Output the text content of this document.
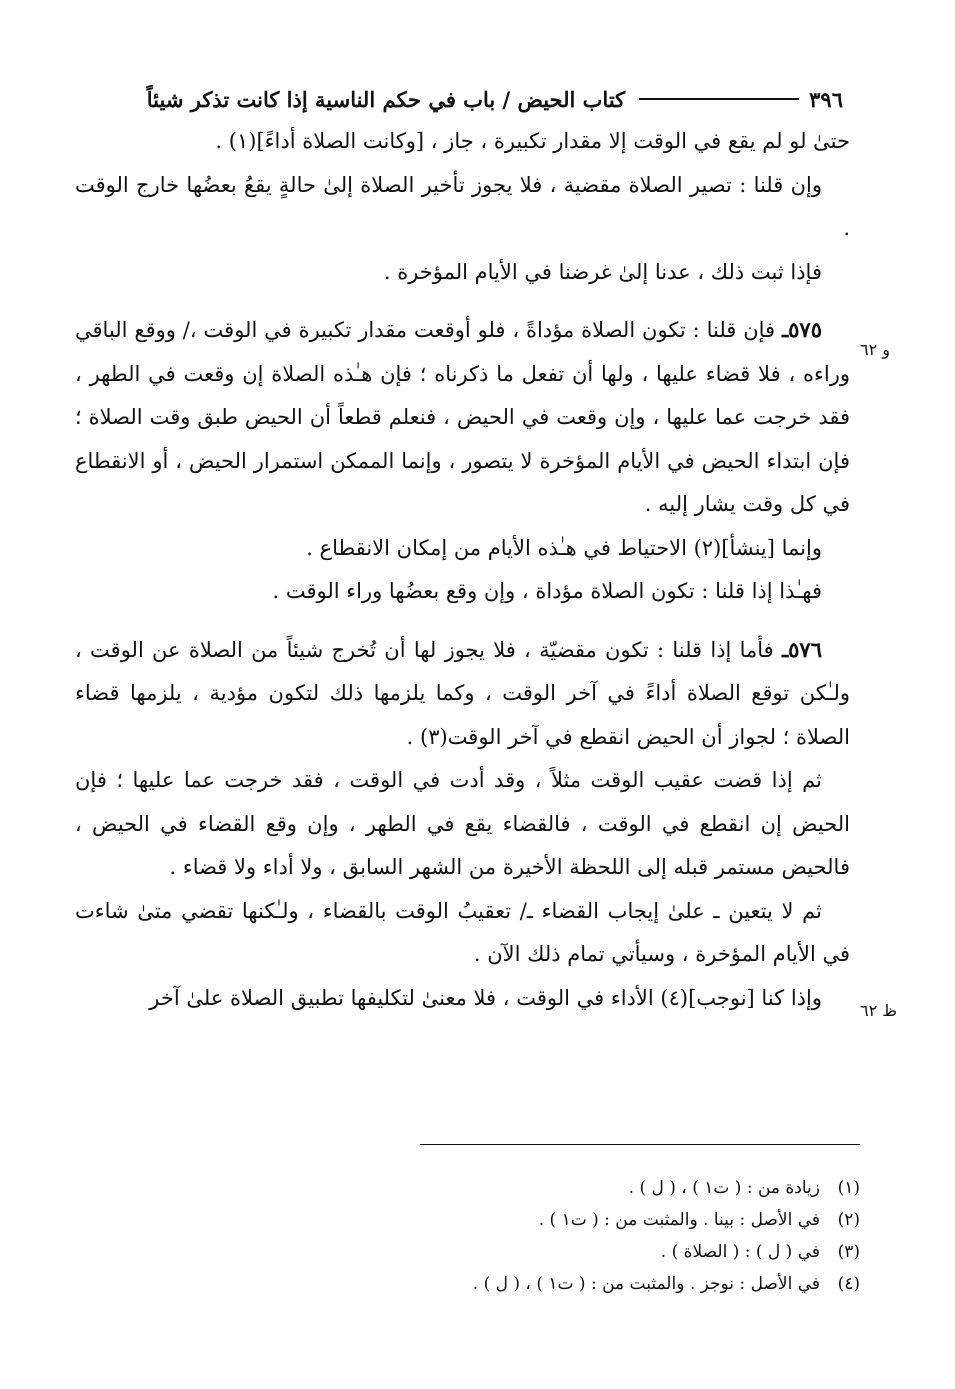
٣٩٦
كتاب الحيض / باب في حكم الناسية إذا كانت تذكر شيئاً
و ٦٢
ظ ٦٢

حتىٰ لو لم يقع في الوقت إلا مقدار تكبيرة ، جاز ، [وكانت الصلاة أداءً](١) .

وإن قلنا : تصير الصلاة مقضية ، فلا يجوز تأخير الصلاة إلىٰ حالةٍ يقعُ بعضُها خارج الوقت .

فإذا ثبت ذلك ، عدنا إلىٰ غرضنا في الأيام المؤخرة .

٥٧٥ـ فإن قلنا : تكون الصلاة مؤداةً ، فلو أوقعت مقدار تكبيرة في الوقت ،/ ووقع الباقي وراءه ، فلا قضاء عليها ، ولها أن تفعل ما ذكرناه ؛ فإن هـٰذه الصلاة إن وقعت في الطهر ، فقد خرجت عما عليها ، وإن وقعت في الحيض ، فنعلم قطعاً أن الحيض طبق وقت الصلاة ؛ فإن ابتداء الحيض في الأيام المؤخرة لا يتصور ، وإنما الممكن استمرار الحيض ، أو الانقطاع في كل وقت يشار إليه .

وإنما [ينشأ](٢) الاحتياط في هـٰذه الأيام من إمكان الانقطاع .

فهـٰذا إذا قلنا : تكون الصلاة مؤداة ، وإن وقع بعضُها وراء الوقت .

٥٧٦ـ فأما إذا قلنا : تكون مقضيّة ، فلا يجوز لها أن تُخرج شيئاً من الصلاة عن الوقت ، ولـٰكن توقع الصلاة أداءً في آخر الوقت ، وكما يلزمها ذلك لتكون مؤدية ، يلزمها قضاء الصلاة ؛ لجواز أن الحيض انقطع في آخر الوقت(٣) .

ثم إذا قضت عقيب الوقت مثلاً ، وقد أدت في الوقت ، فقد خرجت عما عليها ؛ فإن الحيض إن انقطع في الوقت ، فالقضاء يقع في الطهر ، وإن وقع القضاء في الحيض ، فالحيض مستمر قبله إلى اللحظة الأخيرة من الشهر السابق ، ولا أداء ولا قضاء .

ثم لا يتعين ـ علىٰ إيجاب القضاء ـ/ تعقيبُ الوقت بالقضاء ، ولـٰكنها تقضي متىٰ شاءت في الأيام المؤخرة ، وسيأتي تمام ذلك الآن .

وإذا كنا [نوجب](٤) الأداء في الوقت ، فلا معنىٰ لتكليفها تطبيق الصلاة علىٰ آخر

(١)
زيادة من : ( ت١ ) ، ( ل ) .
(٢)
في الأصل : بينا . والمثبت من : ( ت١ ) .
(٣)
في ( ل ) : ( الصلاة ) .
(٤)
في الأصل : نوجز . والمثبت من : ( ت١ ) ، ( ل ) .
